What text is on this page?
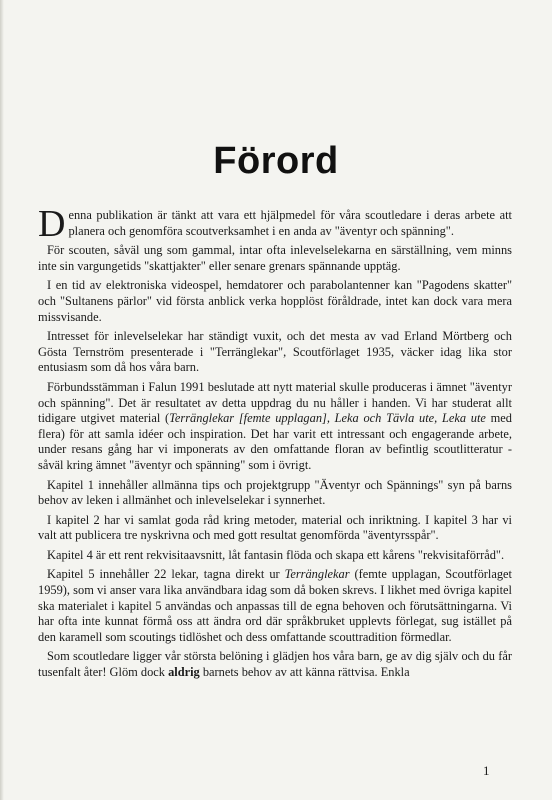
Förord

Denna publikation är tänkt att vara ett hjälpmedel för våra scoutledare i deras arbete att planera och genomföra scoutverksamhet i en anda av "äventyr och spänning".

För scouten, såväl ung som gammal, intar ofta inlevelselekarna en särställning, vem minns inte sin vargungetids "skattjakter" eller senare grenars spännande upptäg.

I en tid av elektroniska videospel, hemdatorer och parabolantenner kan "Pagodens skatter" och "Sultanens pärlor" vid första anblick verka hopplöst föråldrade, intet kan dock vara mera missvisande.

Intresset för inlevelselekar har ständigt vuxit, och det mesta av vad Erland Mörtberg och Gösta Ternström presenterade i "Terränglekar", Scoutförlaget 1935, väcker idag lika stor entusiasm som då hos våra barn.

Förbundsstämman i Falun 1991 beslutade att nytt material skulle produceras i ämnet "äventyr och spänning". Det är resultatet av detta uppdrag du nu håller i handen. Vi har studerat allt tidigare utgivet material (Terränglekar [femte upplagan], Leka och Tävla ute, Leka ute med flera) för att samla idéer och inspiration. Det har varit ett intressant och engagerande arbete, under resans gång har vi imponerats av den omfattande floran av befintlig scoutlitteratur - såväl kring ämnet "äventyr och spänning" som i övrigt.

Kapitel 1 innehåller allmänna tips och projektgrupp "Äventyr och Spännings" syn på barns behov av leken i allmänhet och inlevelselekar i synnerhet.

I kapitel 2 har vi samlat goda råd kring metoder, material och inriktning. I kapitel 3 har vi valt att publicera tre nyskrivna och med gott resultat genomförda "äventyrsspår".

Kapitel 4 är ett rent rekvisitaavsnitt, låt fantasin flöda och skapa ett kårens "rekvisitaförråd".

Kapitel 5 innehåller 22 lekar, tagna direkt ur Terränglekar (femte upplagan, Scoutförlaget 1959), som vi anser vara lika användbara idag som då boken skrevs. I likhet med övriga kapitel ska materialet i kapitel 5 användas och anpassas till de egna behoven och förutsättningarna. Vi har ofta inte kunnat förmå oss att ändra ord där språkbruket upplevts förlegat, sug istället på den karamell som scoutings tidlöshet och dess omfattande scouttradition förmedlar.

Som scoutledare ligger vår största belöning i glädjen hos våra barn, ge av dig själv och du får tusenfalt åter! Glöm dock aldrig barnets behov av att känna rättvisa. Enkla

1
